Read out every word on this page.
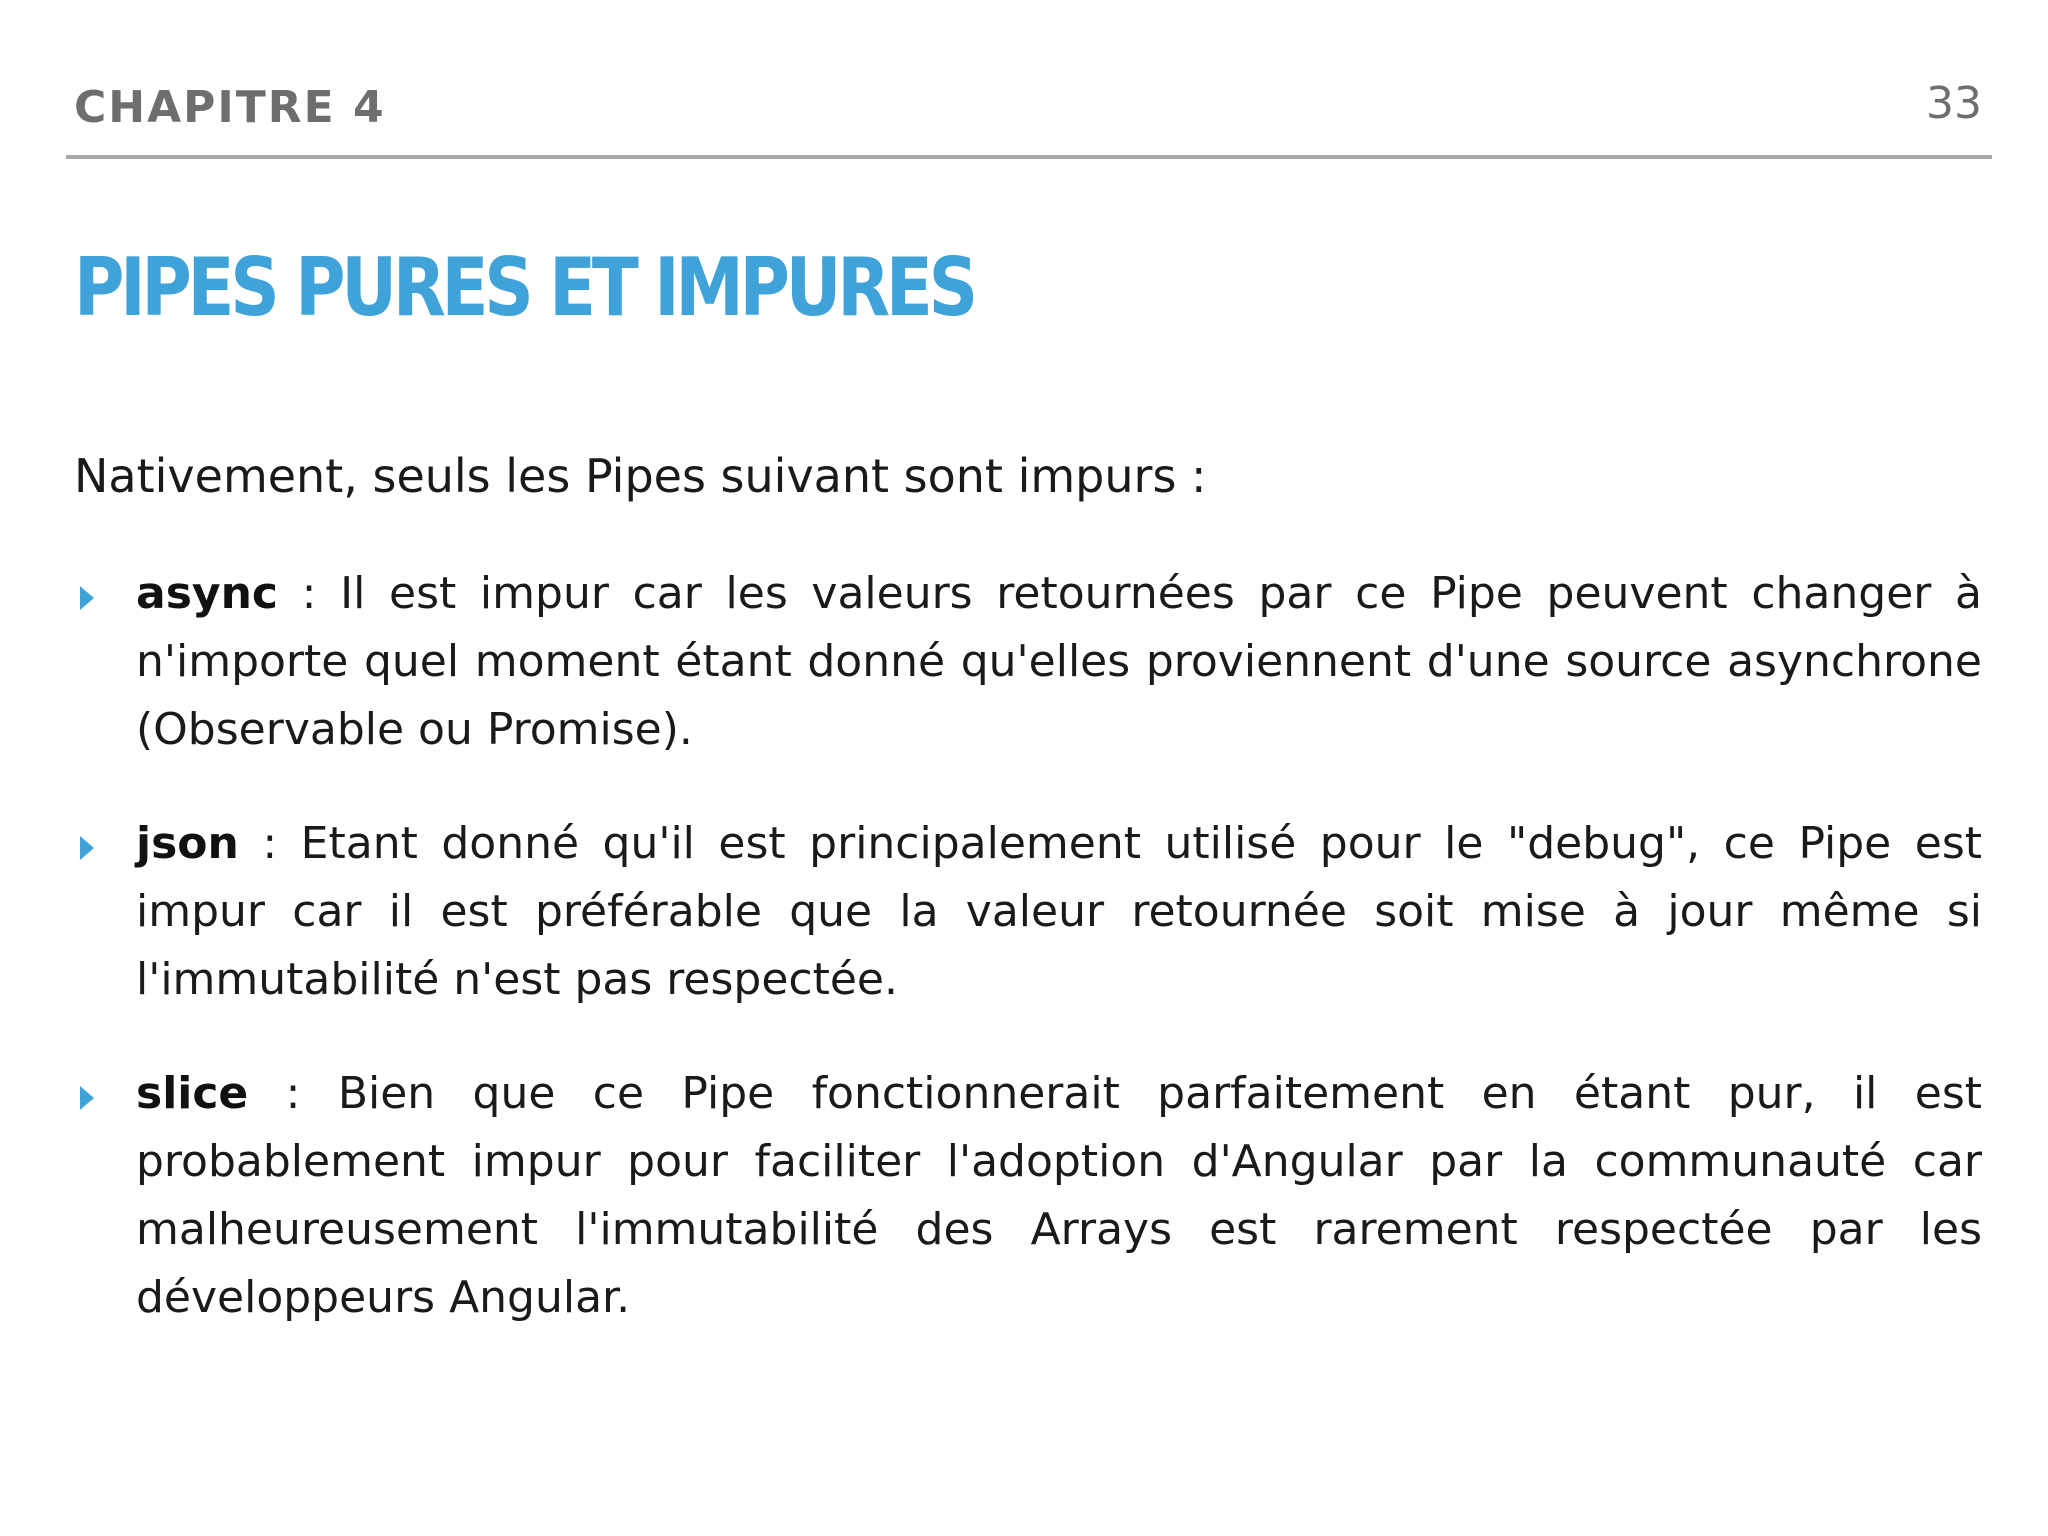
CHAPITRE 4	33
PIPES PURES ET IMPURES

Nativement, seuls les Pipes suivant sont impurs :

async : Il est impur car les valeurs retournées par ce Pipe peuvent changer à n'importe quel moment étant donné qu'elles proviennent d'une source asynchrone (Observable ou Promise).
json : Etant donné qu'il est principalement utilisé pour le "debug", ce Pipe est impur car il est préférable que la valeur retournée soit mise à jour même si l'immutabilité n'est pas respectée.
slice : Bien que ce Pipe fonctionnerait parfaitement en étant pur, il est probablement impur pour faciliter l'adoption d'Angular par la communauté car malheureusement l'immutabilité des Arrays est rarement respectée par les développeurs Angular.
